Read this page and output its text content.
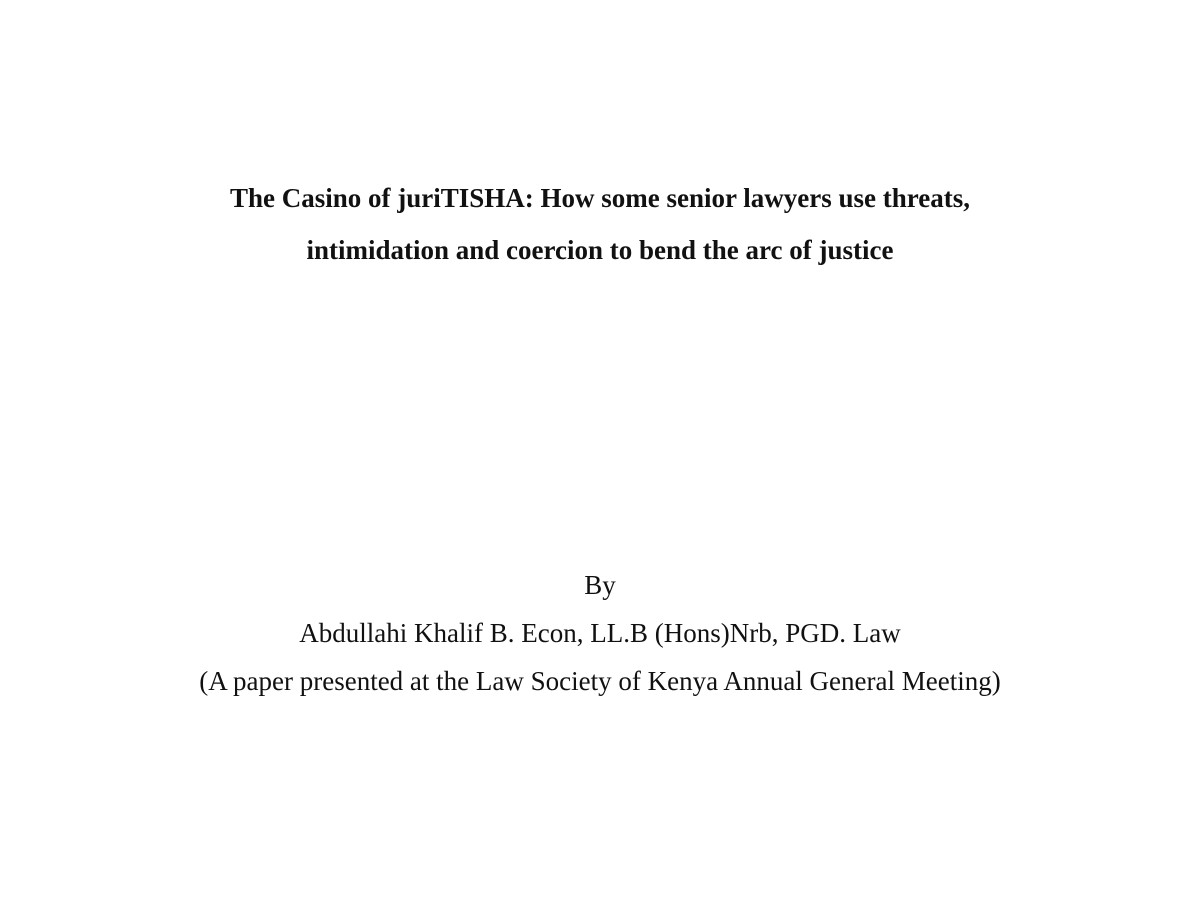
The Casino of juriTISHA: How some senior lawyers use threats,
intimidation and coercion to bend the arc of justice
By
Abdullahi Khalif B. Econ, LL.B (Hons)Nrb, PGD. Law
(A paper presented at the Law Society of Kenya Annual General Meeting)
